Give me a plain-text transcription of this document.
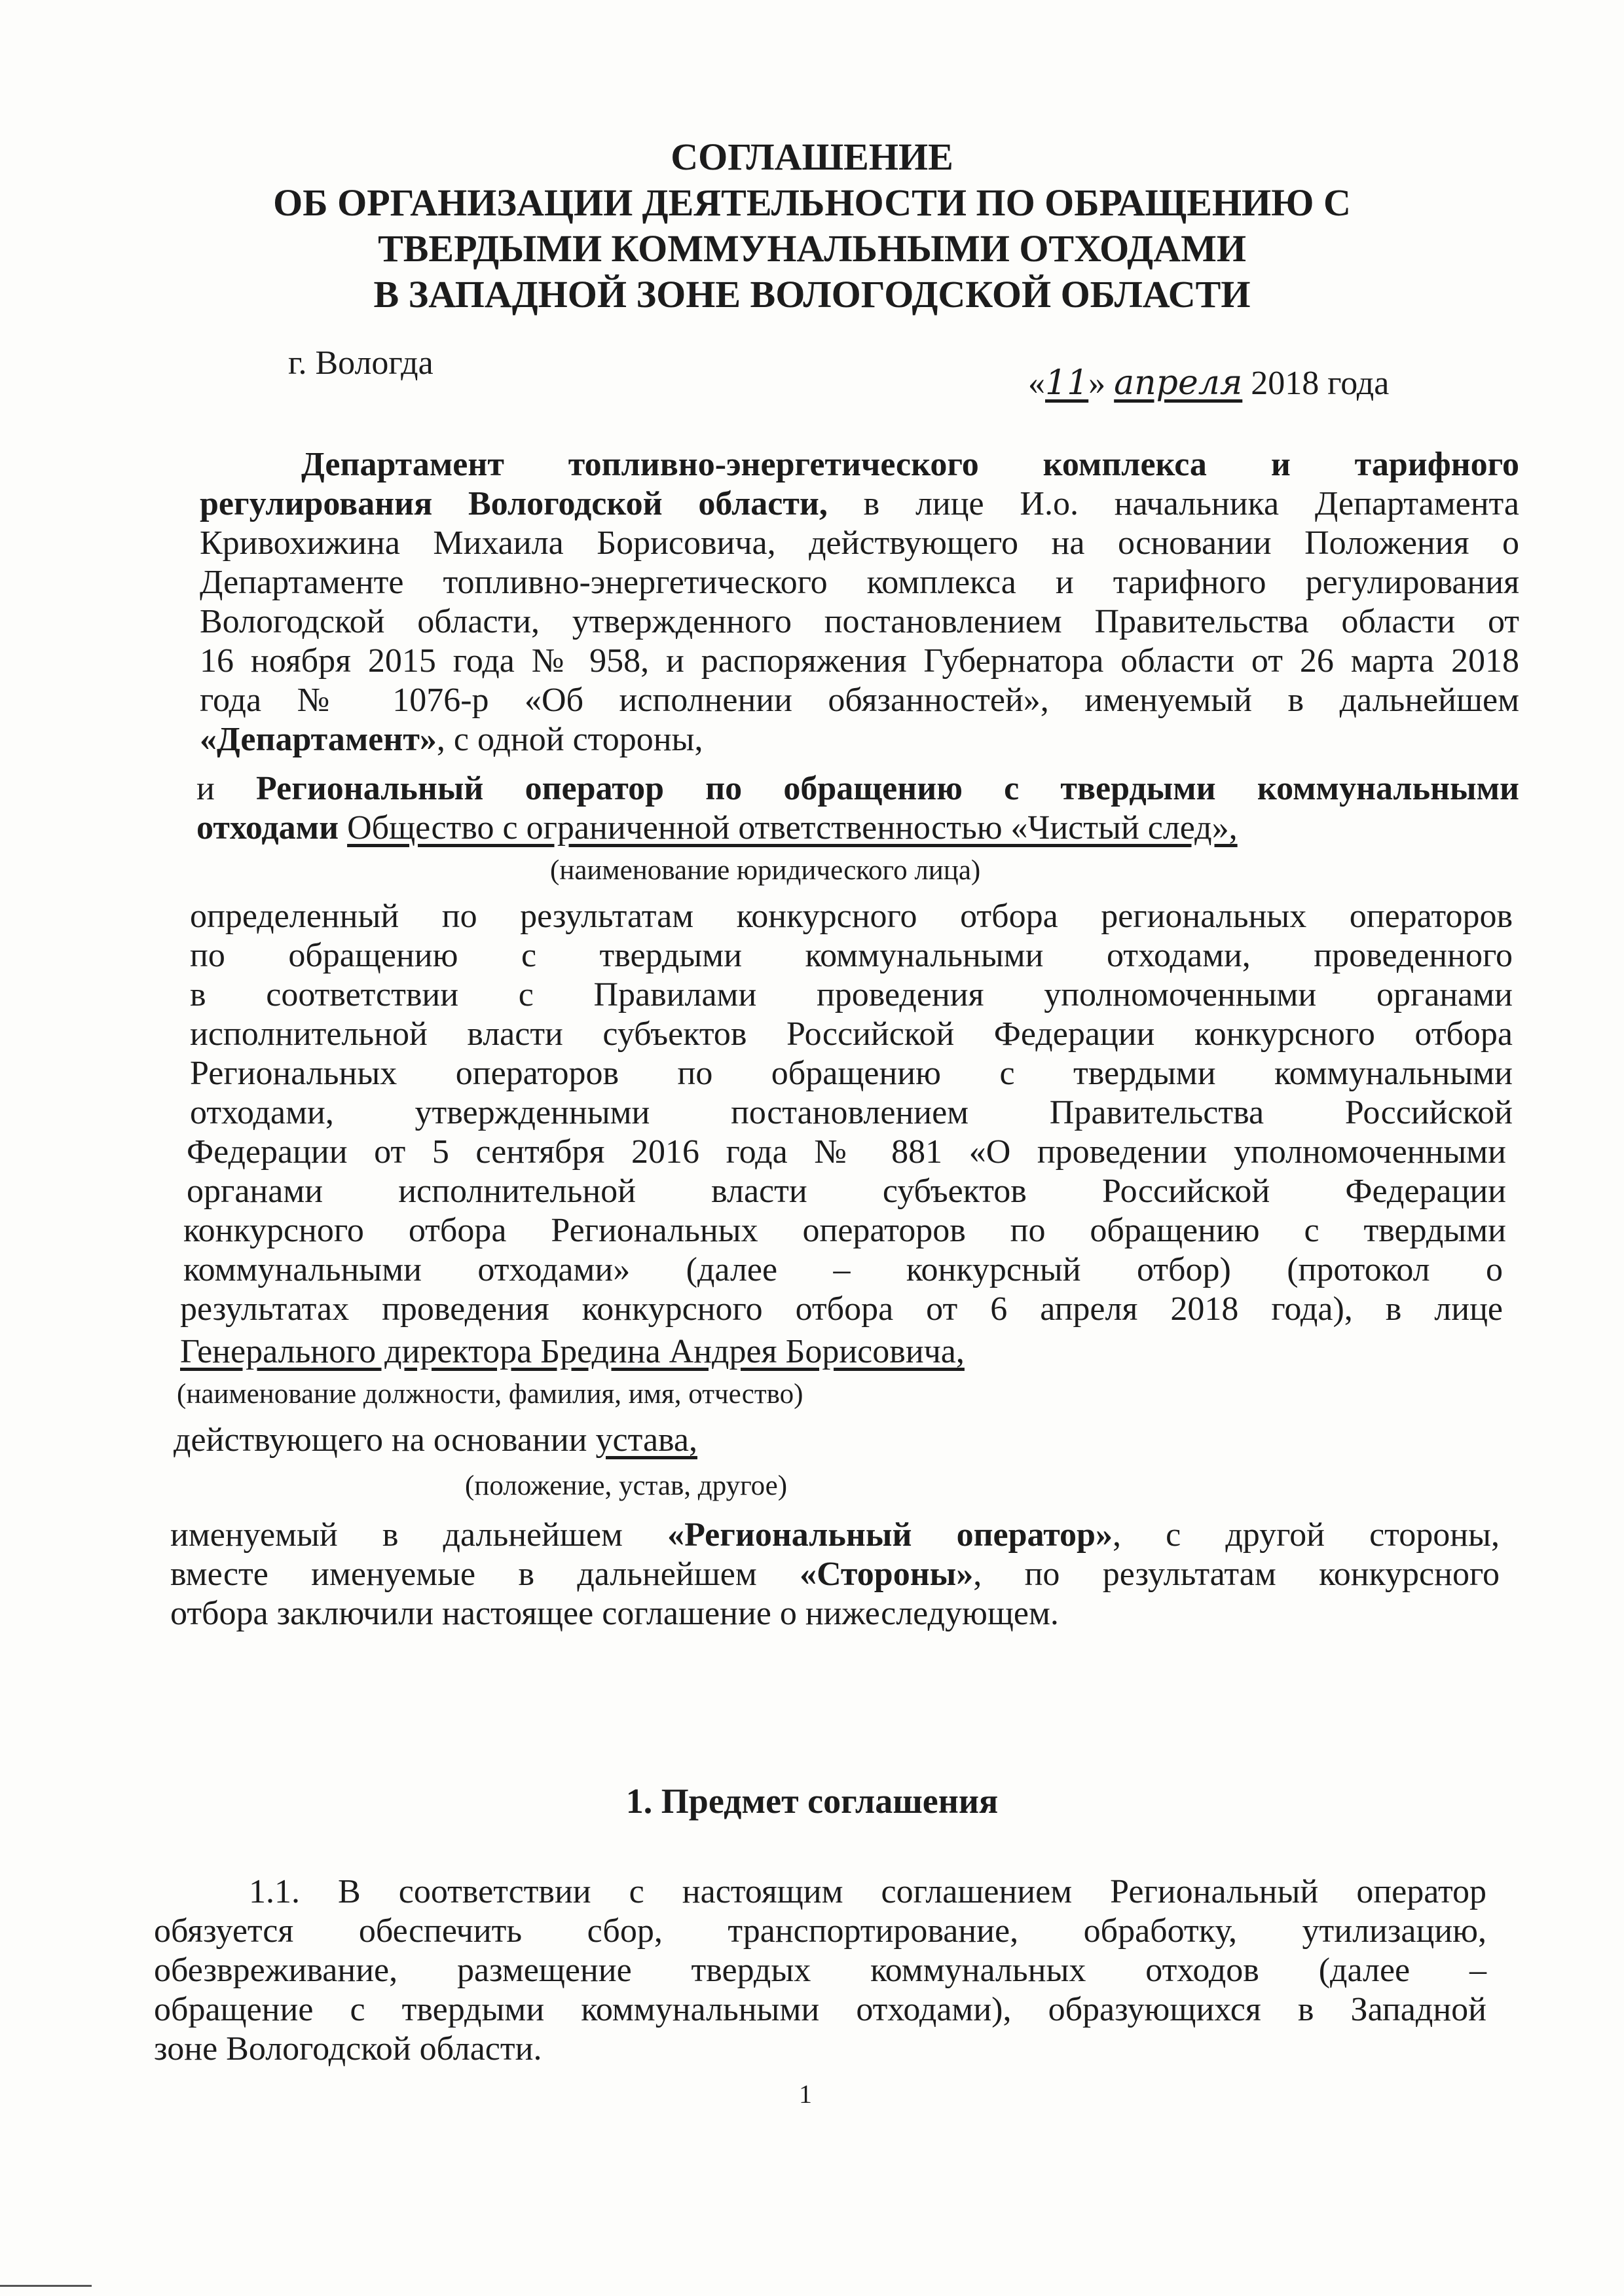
СОГЛАШЕНИЕ
ОБ ОРГАНИЗАЦИИ ДЕЯТЕЛЬНОСТИ ПО ОБРАЩЕНИЮ С
ТВЕРДЫМИ КОММУНАЛЬНЫМИ ОТХОДАМИ
В ЗАПАДНОЙ ЗОНЕ ВОЛОГОДСКОЙ ОБЛАСТИ
г. Вологда
«11» апреля 2018 года
Департамент топливно-энергетического комплекса и тарифного
регулирования Вологодской области, в лице И.о. начальника Департамента
Кривохижина Михаила Борисовича, действующего на основании Положения о
Департаменте топливно-энергетического комплекса и тарифного регулирования
Вологодской области, утвержденного постановлением Правительства области от
16 ноября 2015 года № 958, и распоряжения Губернатора области от 26 марта 2018
года № 1076-р «Об исполнении обязанностей», именуемый в дальнейшем
«Департамент», с одной стороны,
и Региональный оператор по обращению с твердыми коммунальными
отходами Общество с ограниченной ответственностью «Чистый след»,
(наименование юридического лица)
определенный по результатам конкурсного отбора региональных операторов
по обращению с твердыми коммунальными отходами, проведенного
в соответствии с Правилами проведения уполномоченными органами
исполнительной власти субъектов Российской Федерации конкурсного отбора
Региональных операторов по обращению с твердыми коммунальными
отходами, утвержденными постановлением Правительства Российской
Федерации от 5 сентября 2016 года № 881 «О проведении уполномоченными
органами исполнительной власти субъектов Российской Федерации
конкурсного отбора Региональных операторов по обращению с твердыми
коммунальными отходами» (далее – конкурсный отбор) (протокол о
результатах проведения конкурсного отбора от 6 апреля 2018 года), в лице
Генерального директора Бредина Андрея Борисовича,
(наименование должности, фамилия, имя, отчество)
действующего на основании устава,
(положение, устав, другое)
именуемый в дальнейшем «Региональный оператор», с другой стороны,
вместе именуемые в дальнейшем «Стороны», по результатам конкурсного
отбора заключили настоящее соглашение о нижеследующем.
1. Предмет соглашения
1.1. В соответствии с настоящим соглашением Региональный оператор
обязуется обеспечить сбор, транспортирование, обработку, утилизацию,
обезвреживание, размещение твердых коммунальных отходов (далее –
обращение с твердыми коммунальными отходами), образующихся в Западной
зоне Вологодской области.
1
